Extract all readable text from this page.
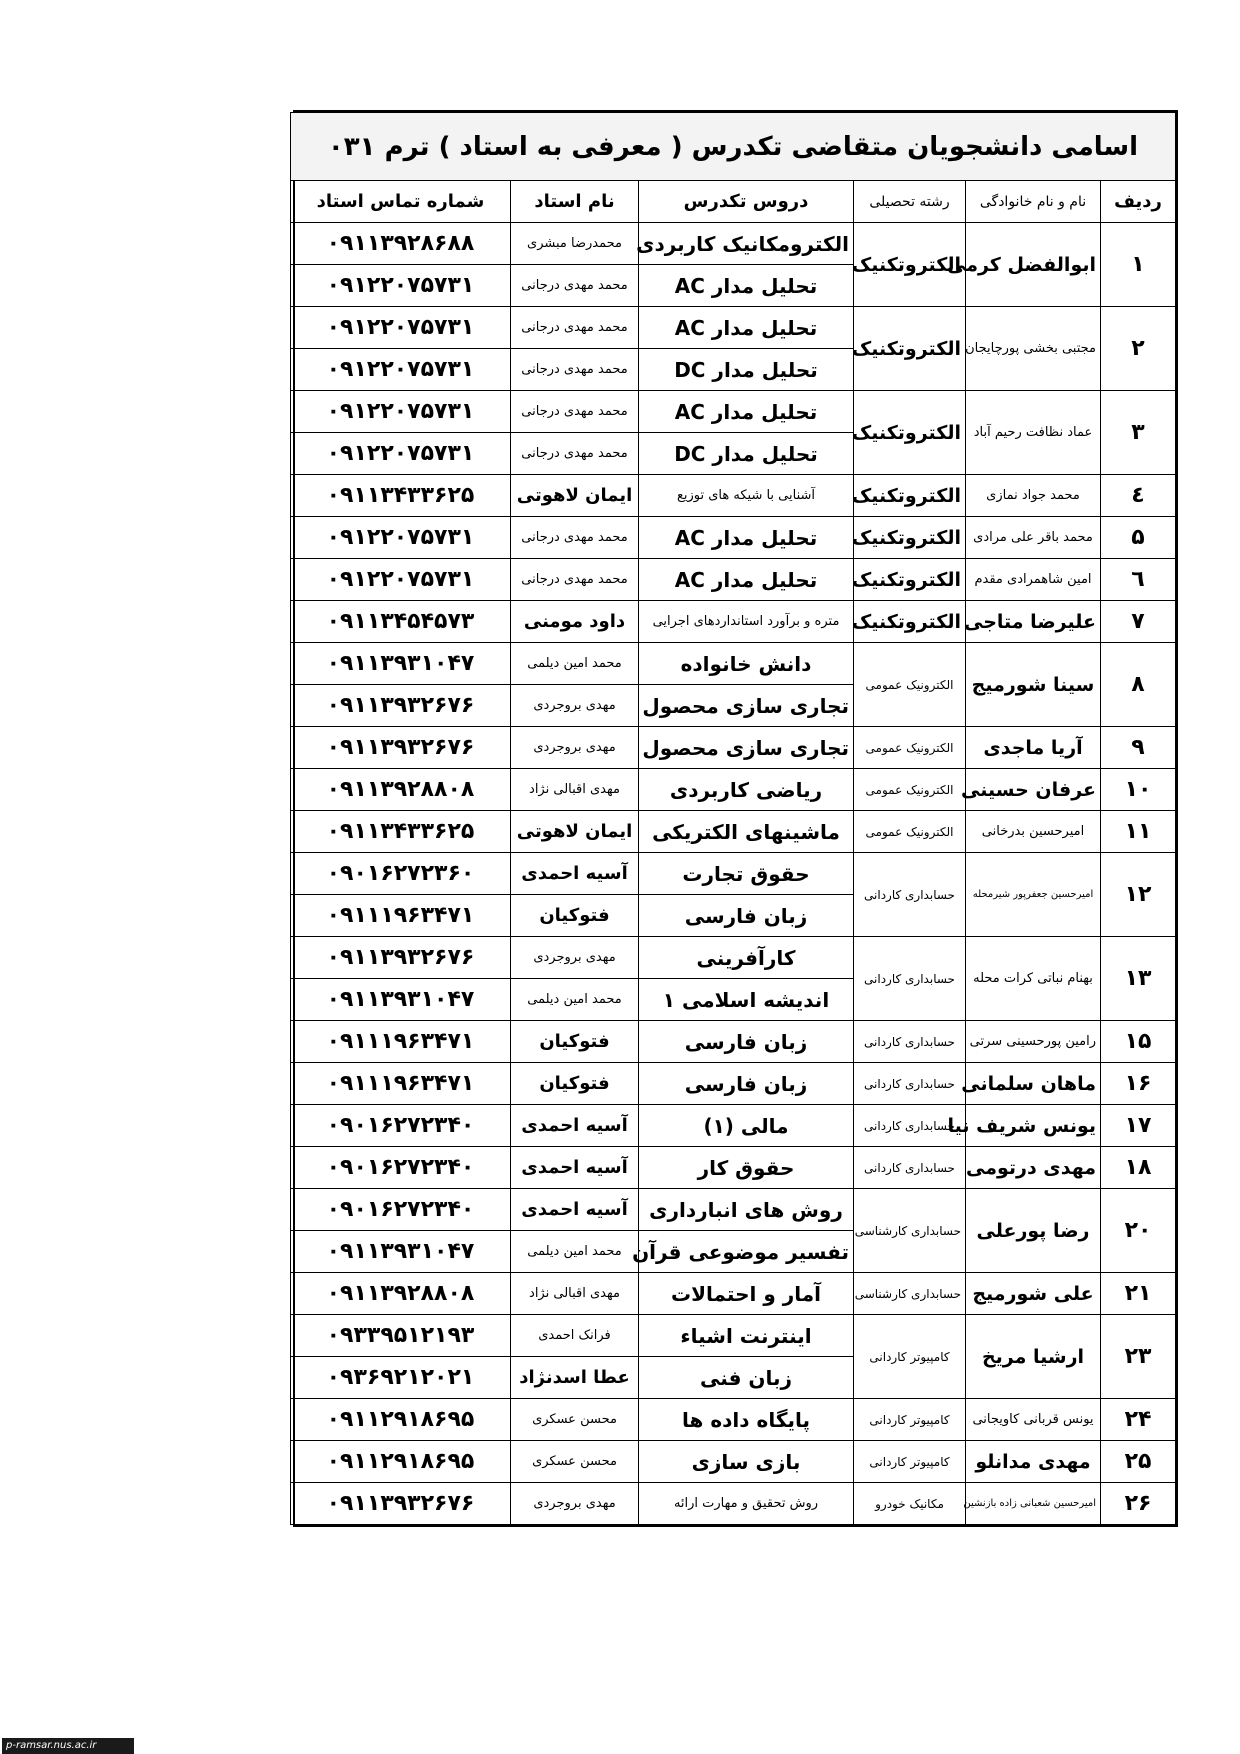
اسامی دانشجویان متقاضی تکدرس ( معرفی به استاد ) ترم ۰۳۱					
ردیف	نام و نام خانوادگی	رشته تحصیلی	دروس تکدرس	نام استاد	شماره تماس استاد
۱	ابوالفضل کرمی	الکتروتکنیک	الکترومکانیک کاربردی	محمدرضا مبشری	۰۹۱۱۳۹۲۸۶۸۸
			تحلیل مدار AC	محمد مهدی درجانی	۰۹۱۲۲۰۷۵۷۳۱
۲	مجتبی بخشی پورچایجان	الکتروتکنیک	تحلیل مدار AC	محمد مهدی درجانی	۰۹۱۲۲۰۷۵۷۳۱
			تحلیل مدار DC	محمد مهدی درجانی	۰۹۱۲۲۰۷۵۷۳۱
۳	عماد نظافت رحیم آباد	الکتروتکنیک	تحلیل مدار AC	محمد مهدی درجانی	۰۹۱۲۲۰۷۵۷۳۱
			تحلیل مدار DC	محمد مهدی درجانی	۰۹۱۲۲۰۷۵۷۳۱
٤	محمد جواد نمازی	الکتروتکنیک	آشنایی با شیکه های توزیع	ایمان لاهوتی	۰۹۱۱۳۴۳۳۶۲۵
۵	محمد باقر علی مرادی	الکتروتکنیک	تحلیل مدار AC	محمد مهدی درجانی	۰۹۱۲۲۰۷۵۷۳۱
٦	امین شاهمرادی مقدم	الکتروتکنیک	تحلیل مدار AC	محمد مهدی درجانی	۰۹۱۲۲۰۷۵۷۳۱
۷	علیرضا متاجی	الکتروتکنیک	متره و برآورد استانداردهای اجرایی	داود مومنی	۰۹۱۱۳۴۵۴۵۷۳
۸	سینا شورمیج	الکترونیک عمومی	دانش خانواده	محمد امین دیلمی	۰۹۱۱۳۹۳۱۰۴۷
			تجاری سازی محصول	مهدی بروجردی	۰۹۱۱۳۹۳۲۶۷۶
۹	آریا ماجدی	الکترونیک عمومی	تجاری سازی محصول	مهدی بروجردی	۰۹۱۱۳۹۳۲۶۷۶
۱۰	عرفان حسینی	الکترونیک عمومی	ریاضی کاربردی	مهدی اقبالی نژاد	۰۹۱۱۳۹۲۸۸۰۸
۱۱	امیرحسین بدرخانی	الکترونیک عمومی	ماشینهای الکتریکی	ایمان لاهوتی	۰۹۱۱۳۴۳۳۶۲۵
۱۲	امیرحسین جعفرپور شیرمحله	حسابداری کاردانی	حقوق تجارت	آسیه احمدی	۰۹۰۱۶۲۷۲۳۶۰
			زبان فارسی	فتوکیان	۰۹۱۱۱۹۶۳۴۷۱
۱۳	بهنام نباتی کرات محله	حسابداری کاردانی	کارآفرینی	مهدی بروجردی	۰۹۱۱۳۹۳۲۶۷۶
			اندیشه اسلامی ۱	محمد امین دیلمی	۰۹۱۱۳۹۳۱۰۴۷
۱۵	رامین پورحسینی سرتی	حسابداری کاردانی	زبان فارسی	فتوکیان	۰۹۱۱۱۹۶۳۴۷۱
۱۶	ماهان سلمانی	حسابداری کاردانی	زبان فارسی	فتوکیان	۰۹۱۱۱۹۶۳۴۷۱
۱۷	یونس شریف نیا	حسابداری کاردانی	مالی (۱)	آسیه احمدی	۰۹۰۱۶۲۷۲۳۴۰
۱۸	مهدی درتومی	حسابداری کاردانی	حقوق کار	آسیه احمدی	۰۹۰۱۶۲۷۲۳۴۰
۲۰	رضا پورعلی	حسابداری کارشناسی	روش های انبارداری	آسیه احمدی	۰۹۰۱۶۲۷۲۳۴۰
			تفسیر موضوعی قرآن	محمد امین دیلمی	۰۹۱۱۳۹۳۱۰۴۷
۲۱	علی شورمیج	حسابداری کارشناسی	آمار و احتمالات	مهدی اقبالی نژاد	۰۹۱۱۳۹۲۸۸۰۸
۲۳	ارشیا مریخ	کامپیوتر کاردانی	اینترنت اشیاء	فرانک احمدی	۰۹۳۳۹۵۱۲۱۹۳
			زبان فنی	عطا اسدنژاد	۰۹۳۶۹۲۱۲۰۲۱
۲۴	یونس قربانی کاویجانی	کامپیوتر کاردانی	پایگاه داده ها	محسن عسکری	۰۹۱۱۲۹۱۸۶۹۵
۲۵	مهدی مدانلو	کامپیوتر کاردانی	بازی سازی	محسن عسکری	۰۹۱۱۲۹۱۸۶۹۵
۲۶	امیرحسین شعبانی زاده بازنشین	مکانیک خودرو	روش تحقیق و مهارت ارائه	مهدی بروجردی	۰۹۱۱۳۹۳۲۶۷۶
p-ramsar.nus.ac.ir
